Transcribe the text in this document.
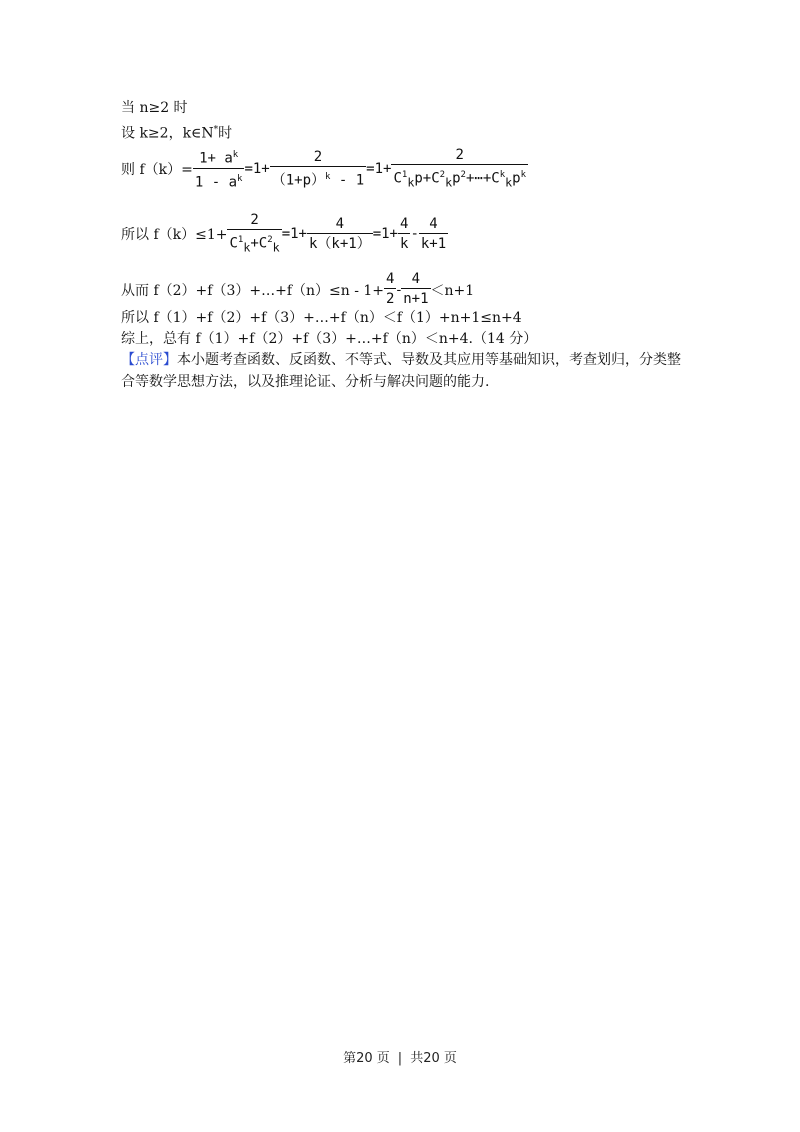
当 n≥2 时
设 k≥2，k∈N*时
则 $f(k)= \frac{1+ a^k}{1 - a^k} =1+ \frac{2}{(1+p)^k - 1} =1+ \frac{2}{C^1_kp+C^2_kp^2+\cdots+C^k_kp^k}$
所以 $f(k)\le 1+ \frac{2}{C^1_k+C^2_k} =1+ \frac{4}{k(k+1)} =1+ \frac{4}{k} - \frac{4}{k+1}$
从而 f（2）+f（3）+…+f（n）≤n - $1+ \frac{4}{2} - \frac{4}{n+1} <n+1$
所以 f（1）+f（2）+f（3）+…+f（n）＜f（1）+n+1≤n+4
综上，总有 f（1）+f（2）+f（3）+…+f（n）＜n+4.（14 分）
【点评】本小题考查函数、反函数、不等式、导数及其应用等基础知识，考查划归，分类整
合等数学思想方法，以及推理论证、分析与解决问题的能力.
第20 页 | 共20 页
